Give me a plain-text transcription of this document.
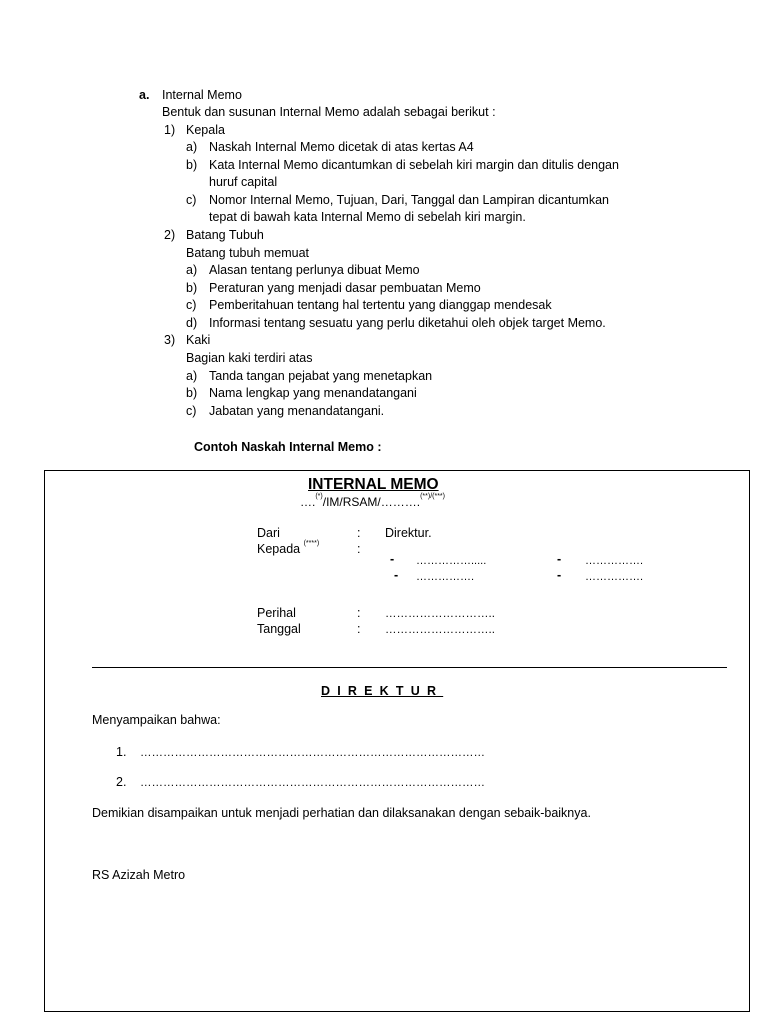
a. Internal Memo
Bentuk dan susunan Internal Memo adalah sebagai berikut :
1) Kepala
a) Naskah Internal Memo dicetak di atas kertas A4
b) Kata Internal Memo dicantumkan di sebelah kiri margin dan ditulis dengan
huruf capital
c) Nomor Internal Memo, Tujuan, Dari, Tanggal dan Lampiran dicantumkan
tepat di bawah kata Internal Memo di sebelah kiri margin.
2) Batang Tubuh
Batang tubuh memuat
a) Alasan tentang perlunya dibuat Memo
b) Peraturan yang menjadi dasar pembuatan Memo
c) Pemberitahuan tentang hal tertentu yang dianggap mendesak
d) Informasi tentang sesuatu yang perlu diketahui oleh objek target Memo.
3) Kaki
Bagian kaki terdiri atas
a) Tanda tangan pejabat yang menetapkan
b) Nama lengkap yang menandatangani
c) Jabatan yang menandatangani.
Contoh Naskah Internal Memo :
INTERNAL MEMO
….(*)/IM/RSAM/……….(**)/(***)
Dari	: Direktur.
Kepada (****)	:
- …………….....	- …………….
- …………….	- …………….
Perihal	: ………………………..
Tanggal	: ………………………..
DIREKTUR
Menyampaikan bahwa:
1. ………………………………………………………………………………
2. ………………………………………………………………………………
Demikian disampaikan untuk menjadi perhatian dan dilaksanakan dengan sebaik-baiknya.
RS Azizah Metro
